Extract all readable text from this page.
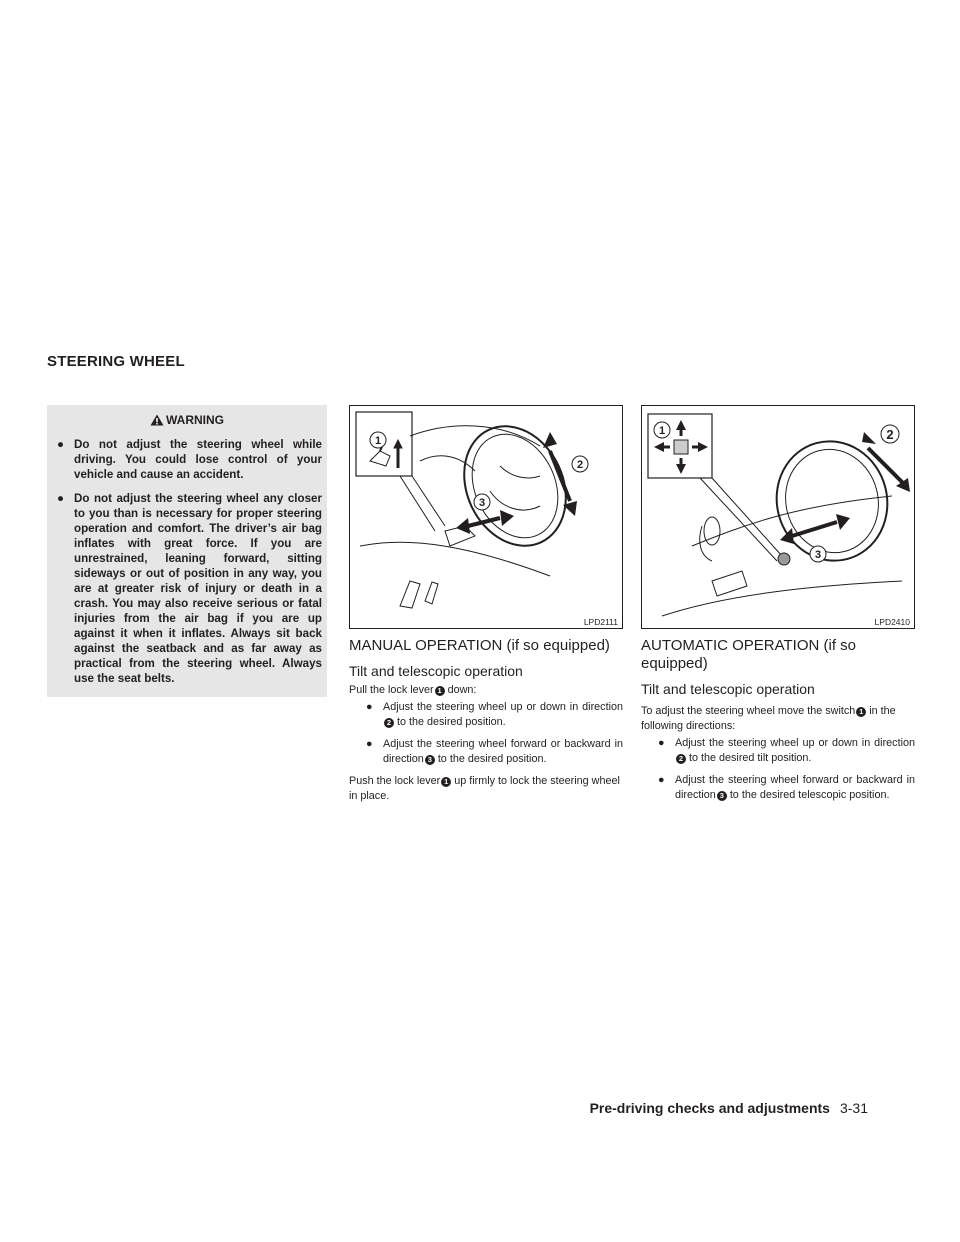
STEERING WHEEL
WARNING
● Do not adjust the steering wheel while driving. You could lose control of your vehicle and cause an accident.
● Do not adjust the steering wheel any closer to you than is necessary for proper steering operation and comfort. The driver’s air bag inflates with great force. If you are unrestrained, leaning forward, sitting sideways or out of position in any way, you are at greater risk of injury or death in a crash. You may also receive serious or fatal injuries from the air bag if you are up against it when it inflates. Always sit back against the seatback and as far away as practical from the steering wheel. Always use the seat belts.
1
2
3
LPD2111
1	2
3
LPD2410
MANUAL OPERATION (if so equipped)
Tilt and telescopic operation
Pull the lock lever 1 down:
● Adjust the steering wheel up or down in direction2 to the desired position.
● Adjust the steering wheel forward or backward in direction 3 to the desired position.
Push the lock lever 1 up firmly to lock the steering wheel in place.
AUTOMATIC OPERATION (if so equipped)
Tilt and telescopic operation
To adjust the steering wheel move the switch 1 in the following directions:
● Adjust the steering wheel up or down in direction2 to the desired tilt position.
● Adjust the steering wheel forward or backward in direction 3 to the desired telescopic position.
Pre-driving checks and adjustments 3-31
